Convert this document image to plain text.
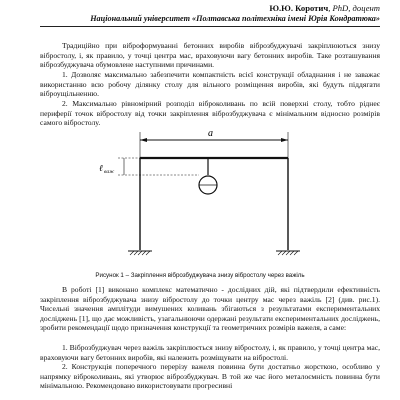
Ю.Ю. Коротич, PhD, доцент
Національний університет «Полтавська політехніка імені Юрія Кондратюка»

Традиційно при віброформуванні бетонних виробів віброзбуджувачі закріплюються знизу віброcтолу, і, як правило, у точці центра мас, враховуючи вагу бетонних виробів. Таке розташування віброзбуджувача обумовлене наступними причинами.

1. Дозволяє максимально забезпечити компактність всієї конструкції обладнання і не заважає використанню всю робочу ділянку столу для вільного розміщення виробів, які будуть піддягати віброущільненню.

2. Максимально рівномірний розподіл віброколивань по всій поверхні столу, тобто ріднеє периферії точок віброcтолу від точки закріплення віброзбуджувача є мінімальним відносно розмірів самого віброcтолу.

a
ℓ важ
Рисунок 1 – Закріплення віброзбуджувача знизу віброcтолу через важіль

В роботі [1] виконано комплекс математично - дослідних дій, які підтвердили ефективність закріплення віброзбуджувача знизу віброcтолу до точки центру мас через важіль [2] (див. рис.1). Чисельні значення амплітуди вимушених коливань збігаються з результатами експериментальних досліджень [1], що дає можливість, узагальнюючи одержані результати експериментальних досліджень, зробити рекомендації щодо призначення конструкції та геометричних розмірів важеля, а саме:

1. Віброзбуджувач через важіль закріплюється знизу віброcтолу, і, як правило, у точці центра мас, враховуючи вагу бетонних виробів, які належить розміщувати на віброcтолі.

2. Конструкція поперечного перерізу важеля повинна бути достатньо жорсткою, особливо у напрямку віброколивань, які утворює віброзбуджувач. В той же час його металоємність повинна бути мінімальною. Рекомендовано використовувати прогресивні
